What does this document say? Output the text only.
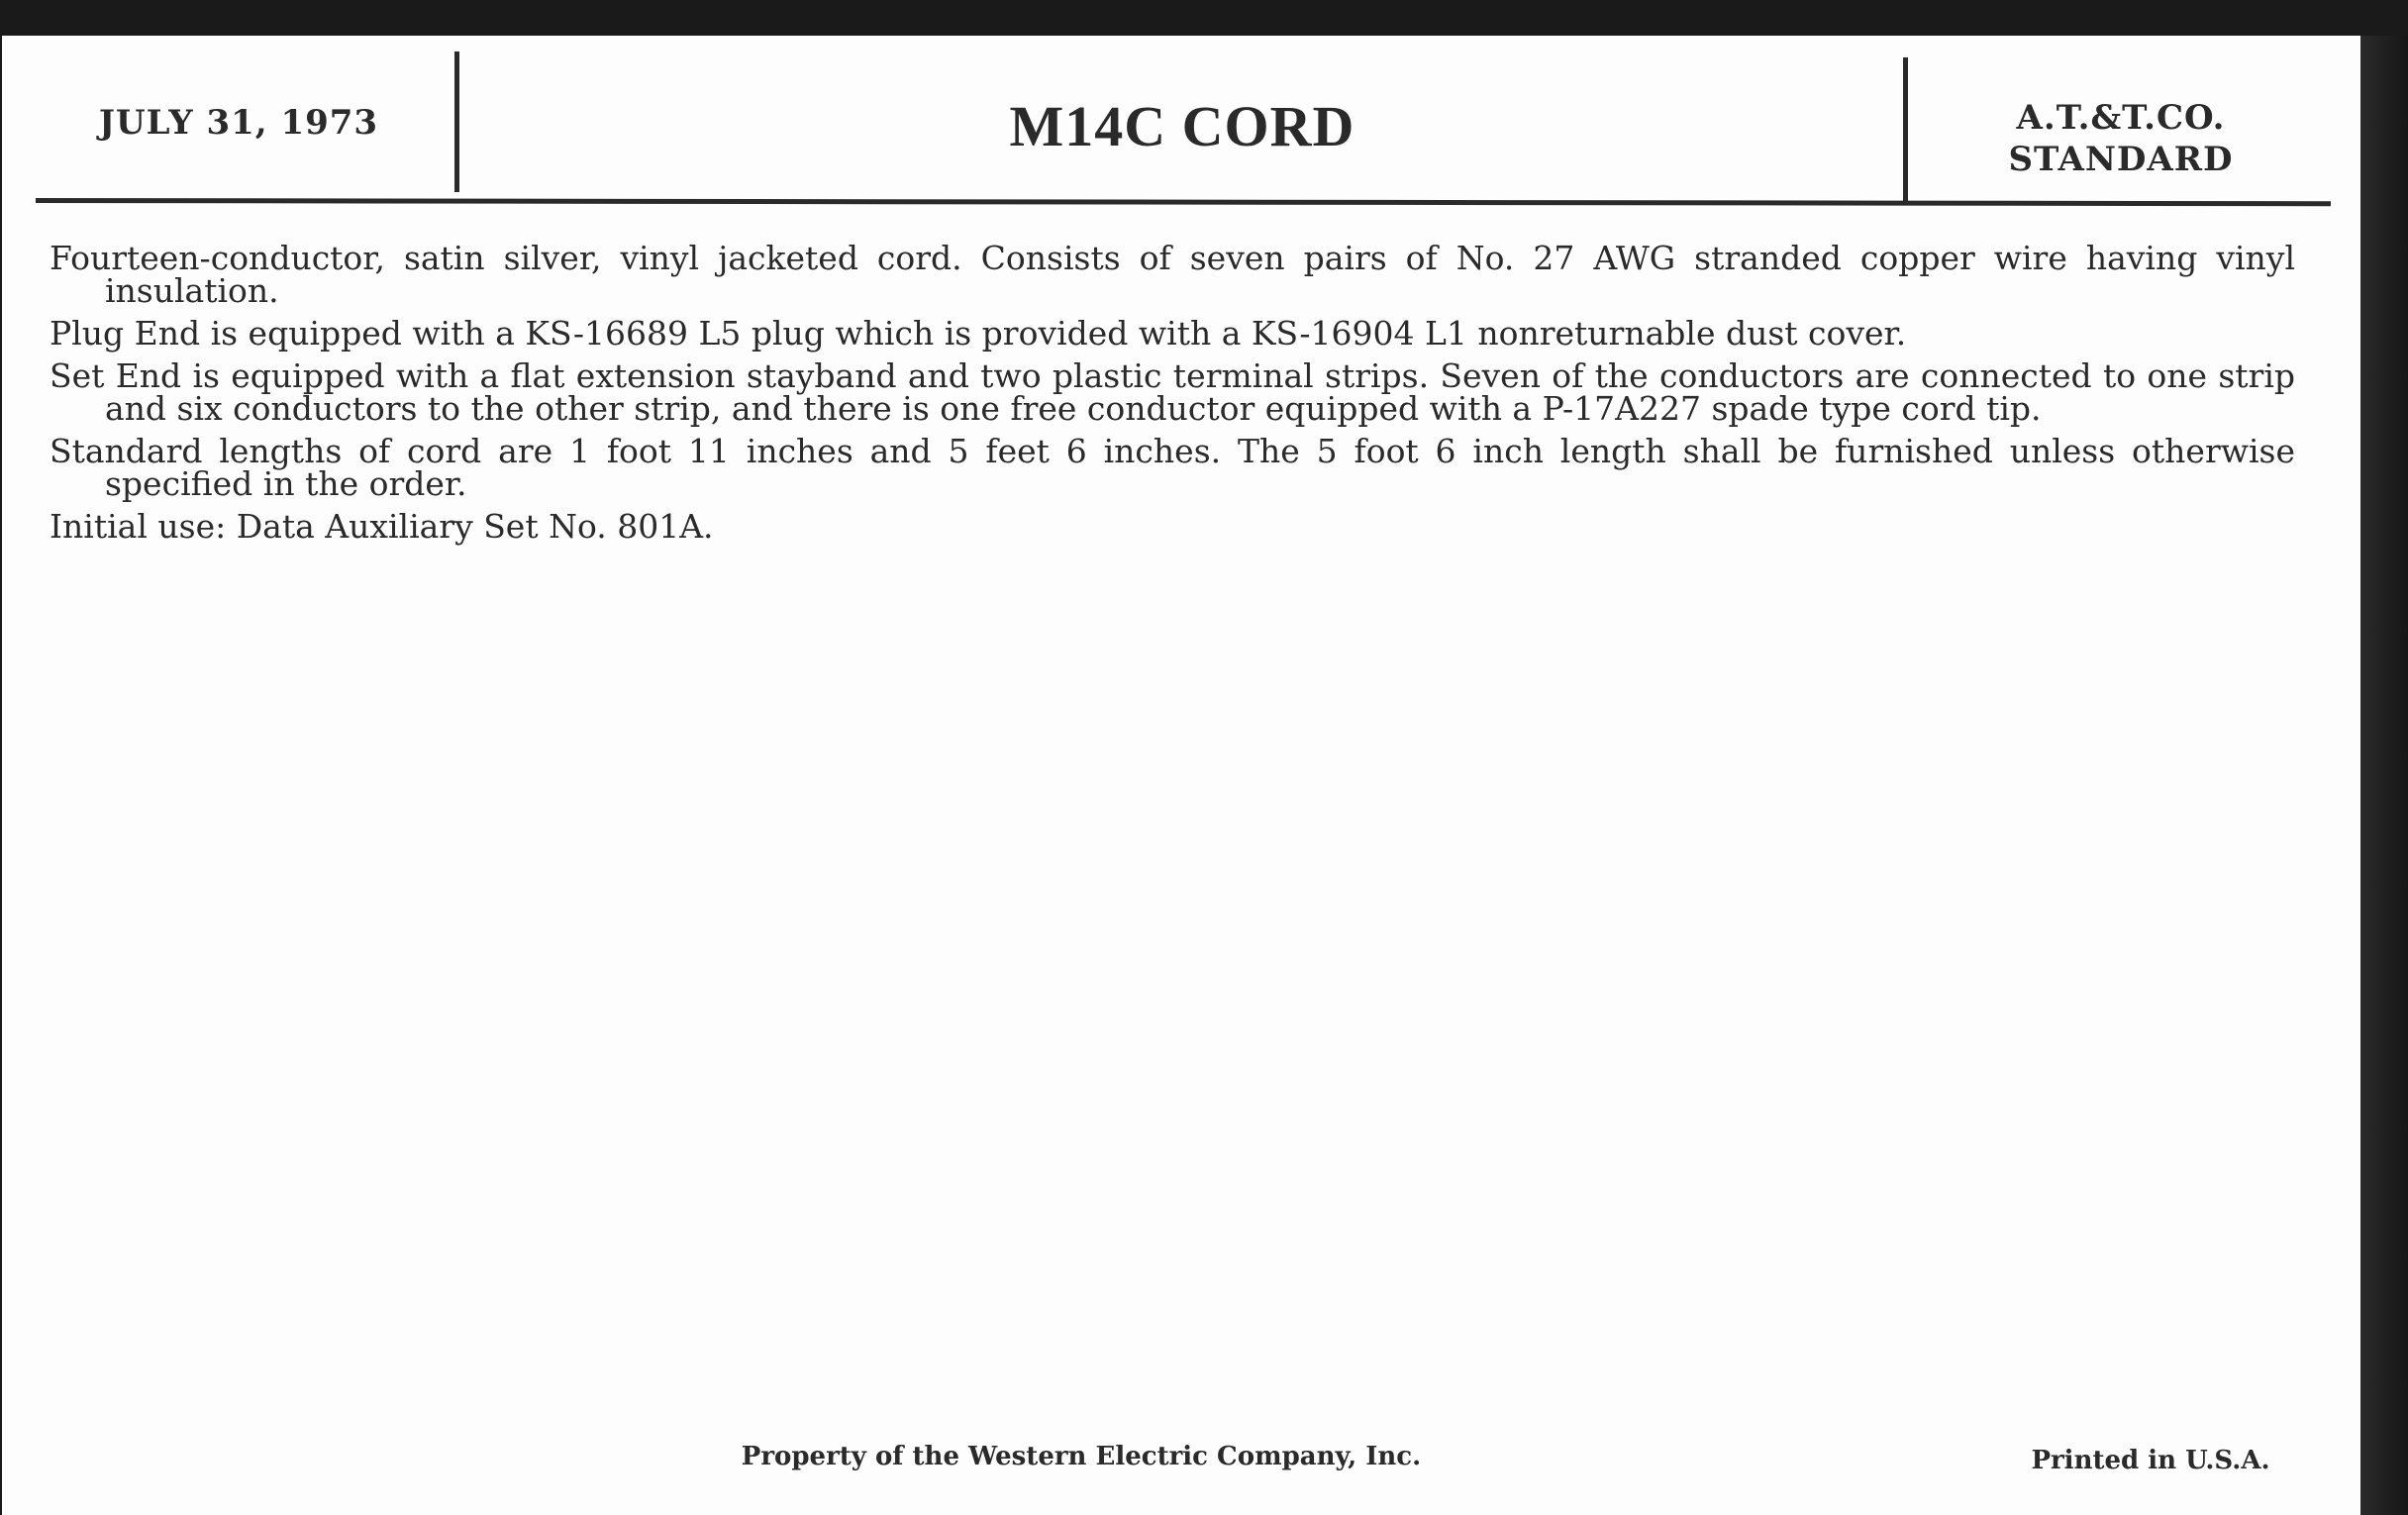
JULY 31, 1973	M14C CORD	A.T.&T.CO.
STANDARD

Fourteen-conductor, satin silver, vinyl jacketed cord. Consists of seven pairs of No. 27 AWG stranded copper wire having vinyl insulation.

Plug End is equipped with a KS-16689 L5 plug which is provided with a KS-16904 L1 nonreturnable dust cover.

Set End is equipped with a flat extension stayband and two plastic terminal strips. Seven of the conductors are connected to one strip and six conductors to the other strip, and there is one free conductor equipped with a P-17A227 spade type cord tip.

Standard lengths of cord are 1 foot 11 inches and 5 feet 6 inches. The 5 foot 6 inch length shall be furnished unless otherwise specified in the order.

Initial use: Data Auxiliary Set No. 801A.

Property of the Western Electric Company, Inc.	Printed in U.S.A.
